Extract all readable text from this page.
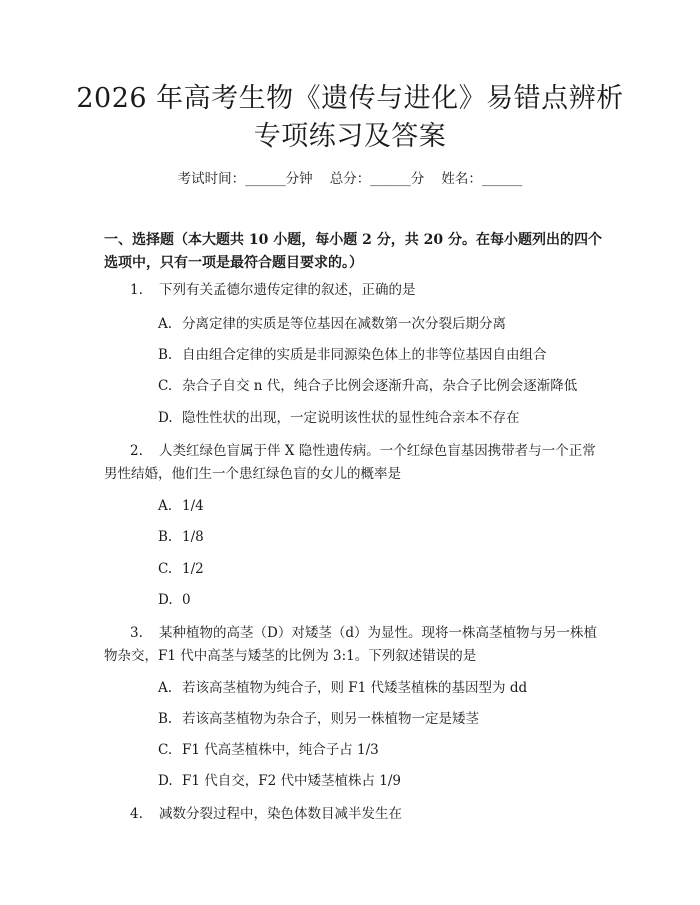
2026 年高考生物《遗传与进化》易错点辨析
专项练习及答案
考试时间：______分钟    总分：______分    姓名：______
一、选择题（本大题共 10 小题，每小题 2 分，共 20 分。在每小题列出的四个选项中，只有一项是最符合题目要求的。）
1. 下列有关孟德尔遗传定律的叙述，正确的是
A. 分离定律的实质是等位基因在减数第一次分裂后期分离
B. 自由组合定律的实质是非同源染色体上的非等位基因自由组合
C. 杂合子自交 n 代，纯合子比例会逐渐升高，杂合子比例会逐渐降低
D. 隐性性状的出现，一定说明该性状的显性纯合亲本不存在
2. 人类红绿色盲属于伴 X 隐性遗传病。一个红绿色盲基因携带者与一个正常男性结婚，他们生一个患红绿色盲的女儿的概率是
A. 1/4
B. 1/8
C. 1/2
D. 0
3. 某种植物的高茎（D）对矮茎（d）为显性。现将一株高茎植物与另一株植物杂交，F1 代中高茎与矮茎的比例为 3:1。下列叙述错误的是
A. 若该高茎植物为纯合子，则 F1 代矮茎植株的基因型为 dd
B. 若该高茎植物为杂合子，则另一株植物一定是矮茎
C. F1 代高茎植株中，纯合子占 1/3
D. F1 代自交，F2 代中矮茎植株占 1/9
4. 减数分裂过程中，染色体数目减半发生在
